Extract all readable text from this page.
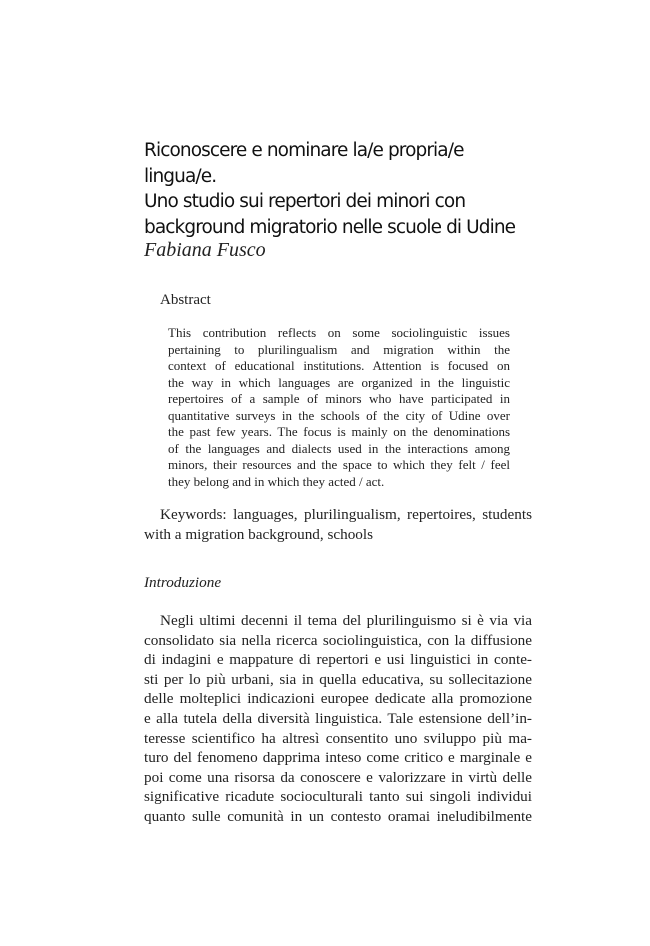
Riconoscere e nominare la/e propria/e
lingua/e.
Uno studio sui repertori dei minori con
background migratorio nelle scuole di Udine
Fabiana Fusco
Abstract
This contribution reflects on some sociolinguistic issues
pertaining to plurilingualism and migration within the
context of educational institutions. Attention is focused on
the way in which languages are organized in the linguistic
repertoires of a sample of minors who have participated in
quantitative surveys in the schools of the city of Udine over
the past few years. The focus is mainly on the denominations
of the languages and dialects used in the interactions among
minors, their resources and the space to which they felt / feel
they belong and in which they acted / act.
Keywords: languages, plurilingualism, repertoires, students
with a migration background, schools
Introduzione
Negli ultimi decenni il tema del plurilinguismo si è via via
consolidato sia nella ricerca sociolinguistica, con la diffusione
di indagini e mappature di repertori e usi linguistici in conte-
sti per lo più urbani, sia in quella educativa, su sollecitazione
delle molteplici indicazioni europee dedicate alla promozione
e alla tutela della diversità linguistica. Tale estensione dell’in-
teresse scientifico ha altresì consentito uno sviluppo più ma-
turo del fenomeno dapprima inteso come critico e marginale e
poi come una risorsa da conoscere e valorizzare in virtù delle
significative ricadute socioculturali tanto sui singoli individui
quanto sulle comunità in un contesto oramai ineludibilmente
